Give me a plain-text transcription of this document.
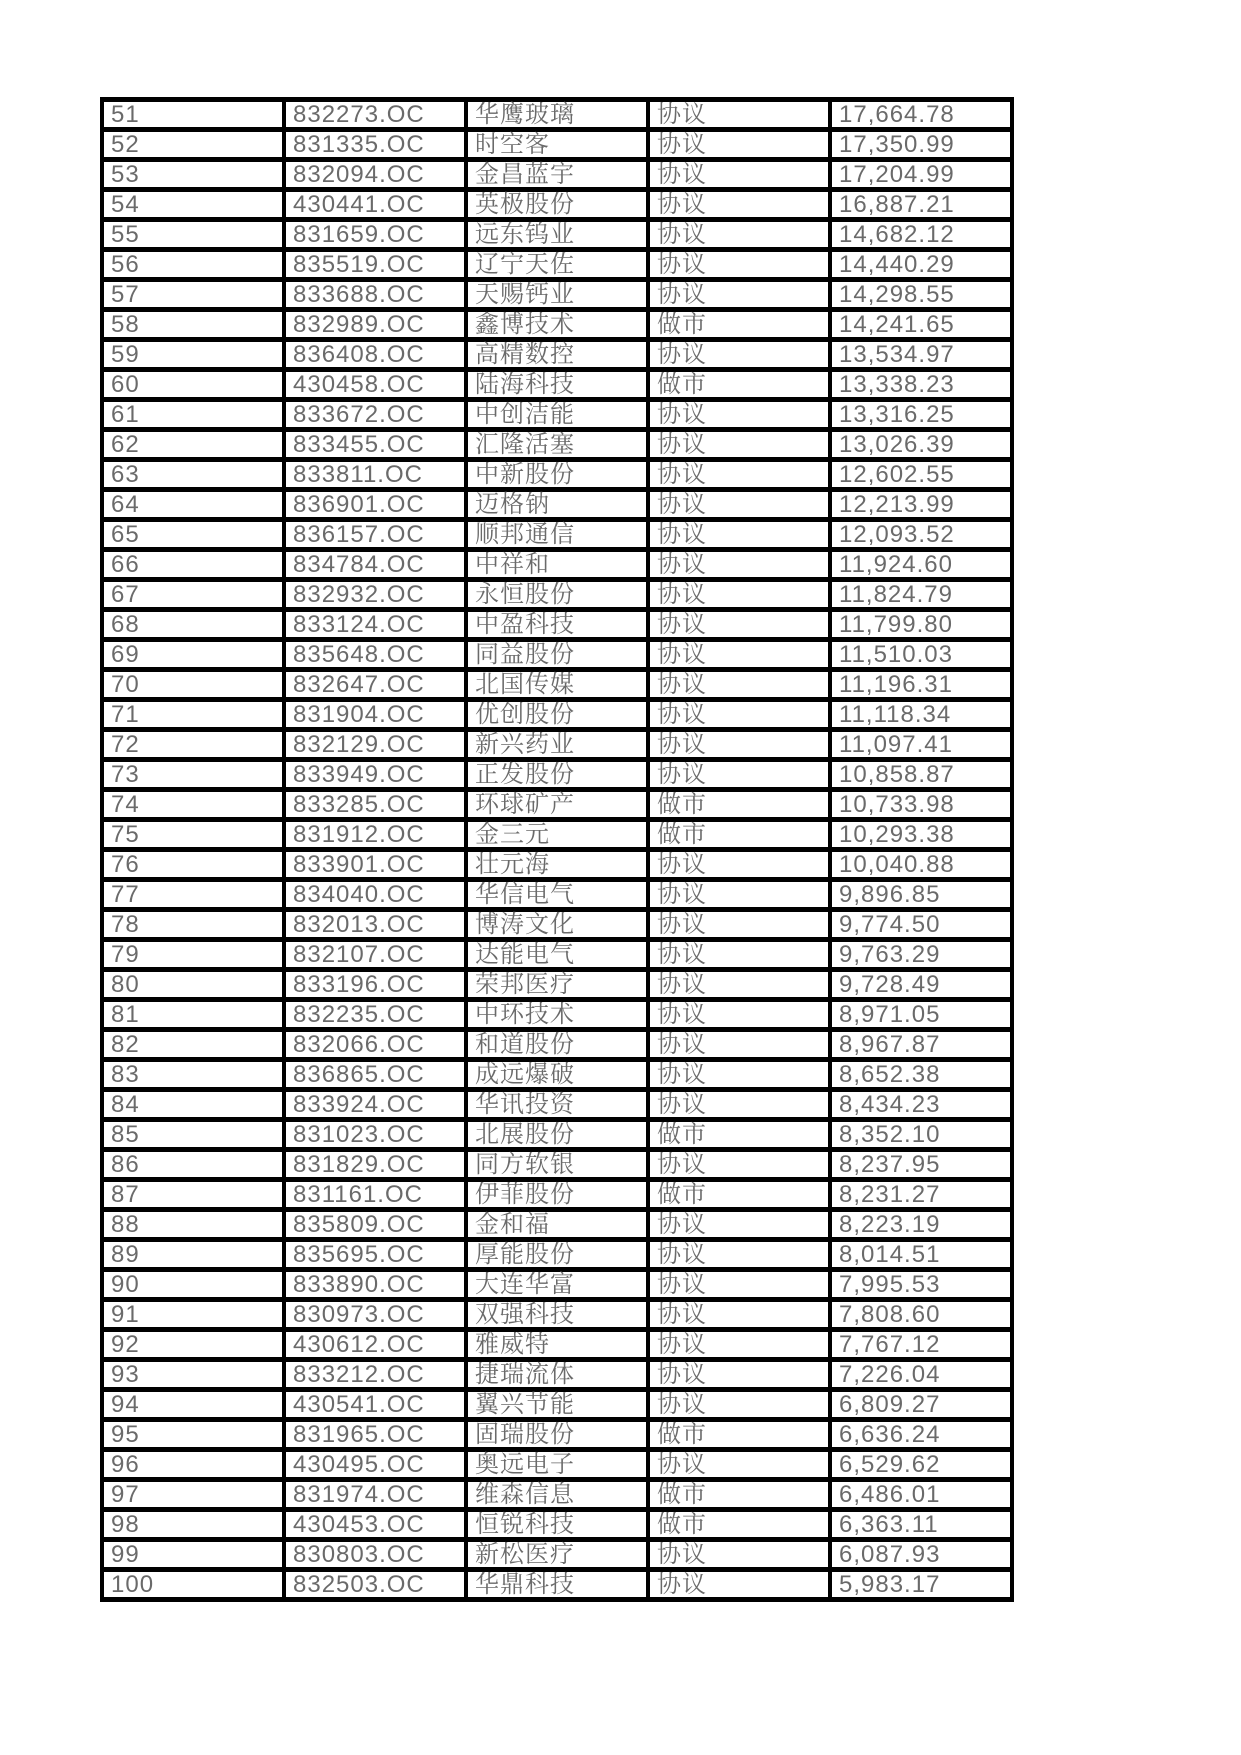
51	832273.OC	华鹰玻璃	协议	17,664.78
52	831335.OC	时空客	协议	17,350.99
53	832094.OC	金昌蓝宇	协议	17,204.99
54	430441.OC	英极股份	协议	16,887.21
55	831659.OC	远东钨业	协议	14,682.12
56	835519.OC	辽宁天佐	协议	14,440.29
57	833688.OC	天赐钙业	协议	14,298.55
58	832989.OC	鑫博技术	做市	14,241.65
59	836408.OC	高精数控	协议	13,534.97
60	430458.OC	陆海科技	做市	13,338.23
61	833672.OC	中创洁能	协议	13,316.25
62	833455.OC	汇隆活塞	协议	13,026.39
63	833811.OC	中新股份	协议	12,602.55
64	836901.OC	迈格钠	协议	12,213.99
65	836157.OC	顺邦通信	协议	12,093.52
66	834784.OC	中祥和	协议	11,924.60
67	832932.OC	永恒股份	协议	11,824.79
68	833124.OC	中盈科技	协议	11,799.80
69	835648.OC	同益股份	协议	11,510.03
70	832647.OC	北国传媒	协议	11,196.31
71	831904.OC	优创股份	协议	11,118.34
72	832129.OC	新兴药业	协议	11,097.41
73	833949.OC	正发股份	协议	10,858.87
74	833285.OC	环球矿产	做市	10,733.98
75	831912.OC	金三元	做市	10,293.38
76	833901.OC	壮元海	协议	10,040.88
77	834040.OC	华信电气	协议	9,896.85
78	832013.OC	博涛文化	协议	9,774.50
79	832107.OC	达能电气	协议	9,763.29
80	833196.OC	荣邦医疗	协议	9,728.49
81	832235.OC	中环技术	协议	8,971.05
82	832066.OC	和道股份	协议	8,967.87
83	836865.OC	成远爆破	协议	8,652.38
84	833924.OC	华讯投资	协议	8,434.23
85	831023.OC	北展股份	做市	8,352.10
86	831829.OC	同方软银	协议	8,237.95
87	831161.OC	伊菲股份	做市	8,231.27
88	835809.OC	金和福	协议	8,223.19
89	835695.OC	厚能股份	协议	8,014.51
90	833890.OC	大连华富	协议	7,995.53
91	830973.OC	双强科技	协议	7,808.60
92	430612.OC	雅威特	协议	7,767.12
93	833212.OC	捷瑞流体	协议	7,226.04
94	430541.OC	翼兴节能	协议	6,809.27
95	831965.OC	固瑞股份	做市	6,636.24
96	430495.OC	奥远电子	协议	6,529.62
97	831974.OC	维森信息	做市	6,486.01
98	430453.OC	恒锐科技	做市	6,363.11
99	830803.OC	新松医疗	协议	6,087.93
100	832503.OC	华鼎科技	协议	5,983.17
